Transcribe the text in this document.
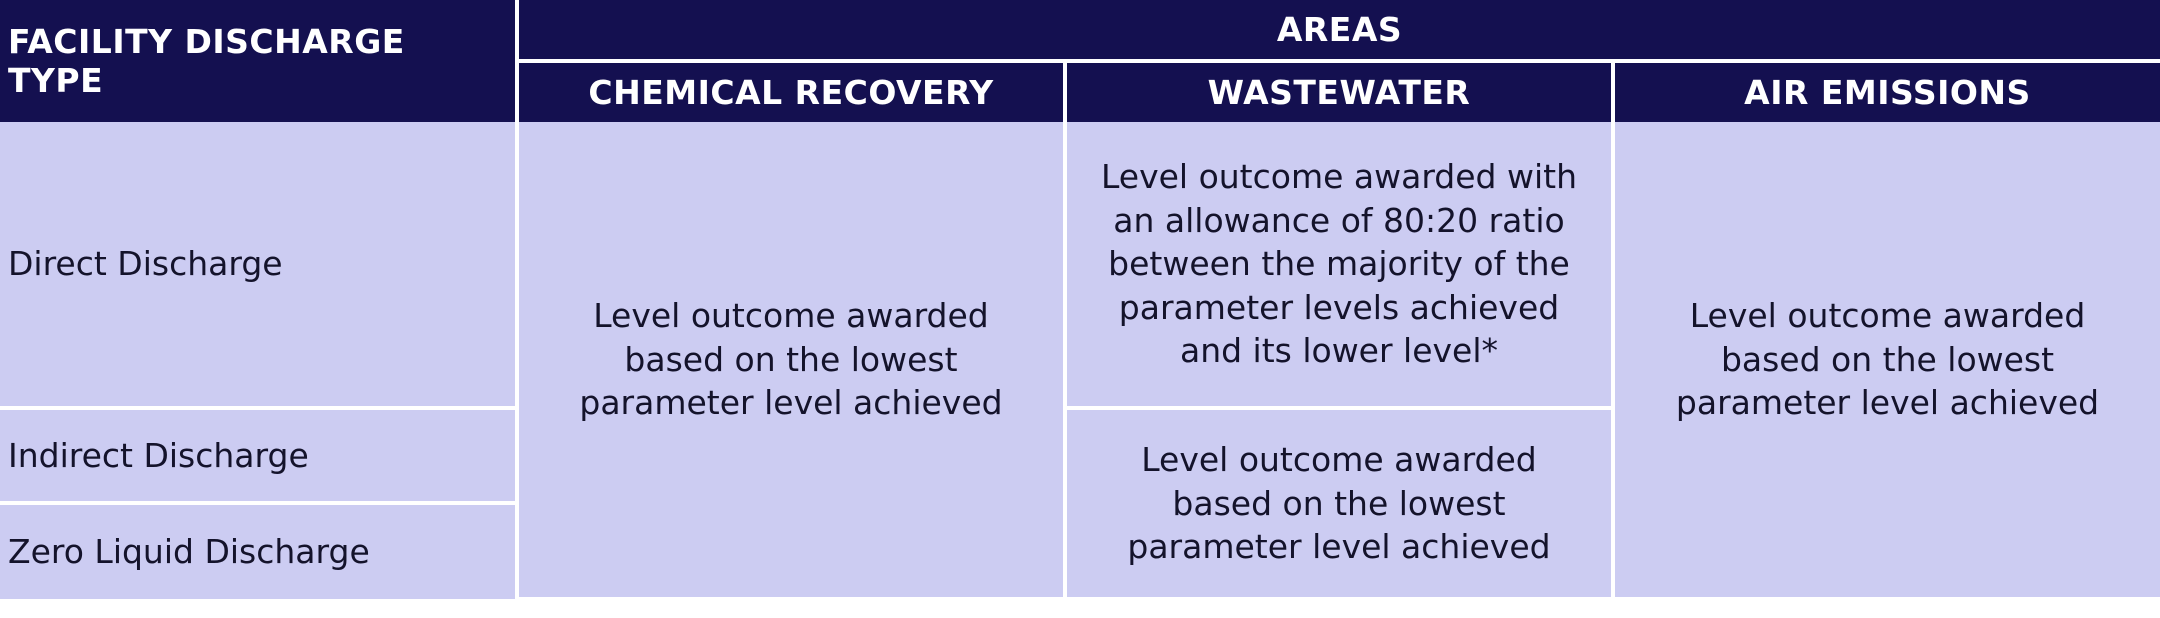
FACILITY DISCHARGE TYPE	AREAS		
	CHEMICAL RECOVERY	WASTEWATER	AIR EMISSIONS
Direct Discharge	Level outcome awarded based on the lowest parameter level achieved	Level outcome awarded with an allowance of 80:20 ratio between the majority of the parameter levels achieved and its lower level*	Level outcome awarded based on the lowest parameter level achieved
Indirect Discharge		Level outcome awarded based on the lowest parameter level achieved	
Zero Liquid Discharge			
